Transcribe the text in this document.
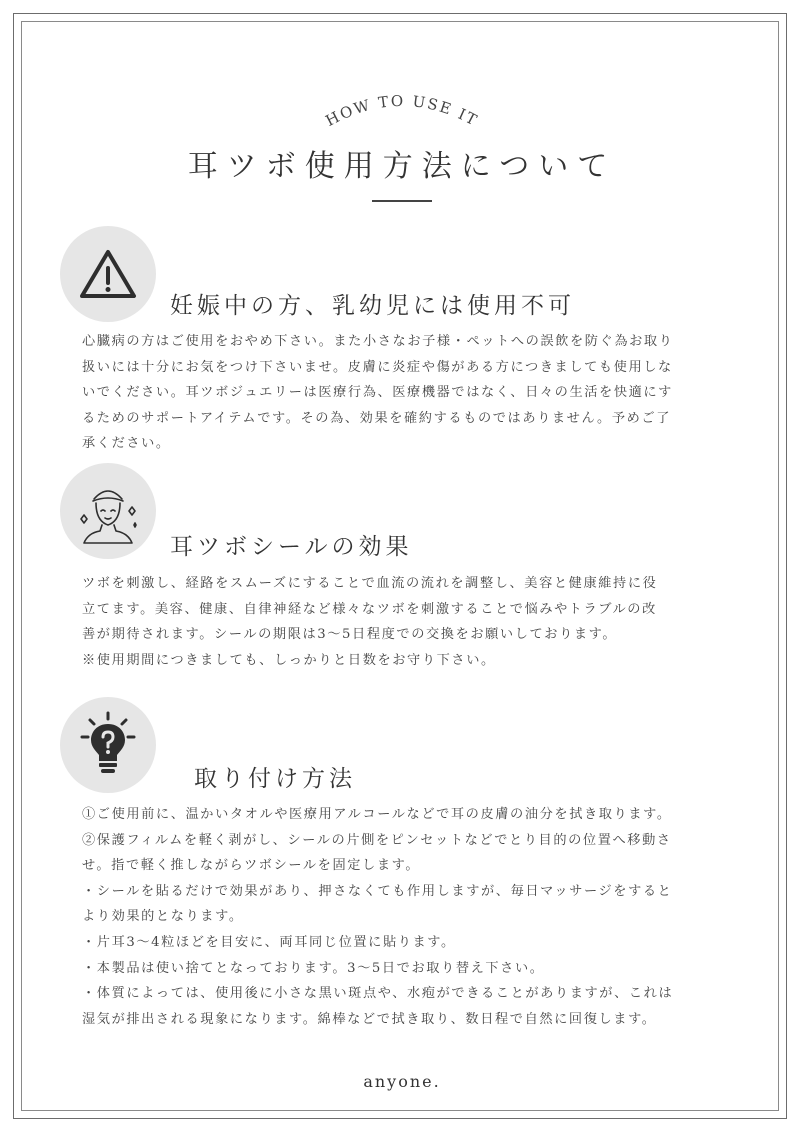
HOW TO USE IT
耳ツボ使用方法について
妊娠中の方、乳幼児には使用不可

心臓病の方はご使用をおやめ下さい。また小さなお子様・ペットへの誤飲を防ぐ為お取り
扱いには十分にお気をつけ下さいませ。皮膚に炎症や傷がある方につきましても使用しな
いでください。耳ツボジュエリーは医療行為、医療機器ではなく、日々の生活を快適にす
るためのサポートアイテムです。その為、効果を確約するものではありません。予めご了
承ください。

耳ツボシールの効果

ツボを刺激し、経路をスムーズにすることで血流の流れを調整し、美容と健康維持に役
立てます。美容、健康、自律神経など様々なツボを刺激することで悩みやトラブルの改
善が期待されます。シールの期限は3～5日程度での交換をお願いしております。
※使用期間につきましても、しっかりと日数をお守り下さい。

取り付け方法

①ご使用前に、温かいタオルや医療用アルコールなどで耳の皮膚の油分を拭き取ります。
②保護フィルムを軽く剥がし、シールの片側をピンセットなどでとり目的の位置へ移動さ
せ。指で軽く推しながらツボシールを固定します。
・シールを貼るだけで効果があり、押さなくても作用しますが、毎日マッサージをすると
より効果的となります。
・片耳3～4粒ほどを目安に、両耳同じ位置に貼ります。
・本製品は使い捨てとなっております。3～5日でお取り替え下さい。
・体質によっては、使用後に小さな黒い斑点や、水疱ができることがありますが、これは
湿気が排出される現象になります。綿棒などで拭き取り、数日程で自然に回復します。

anyone.
